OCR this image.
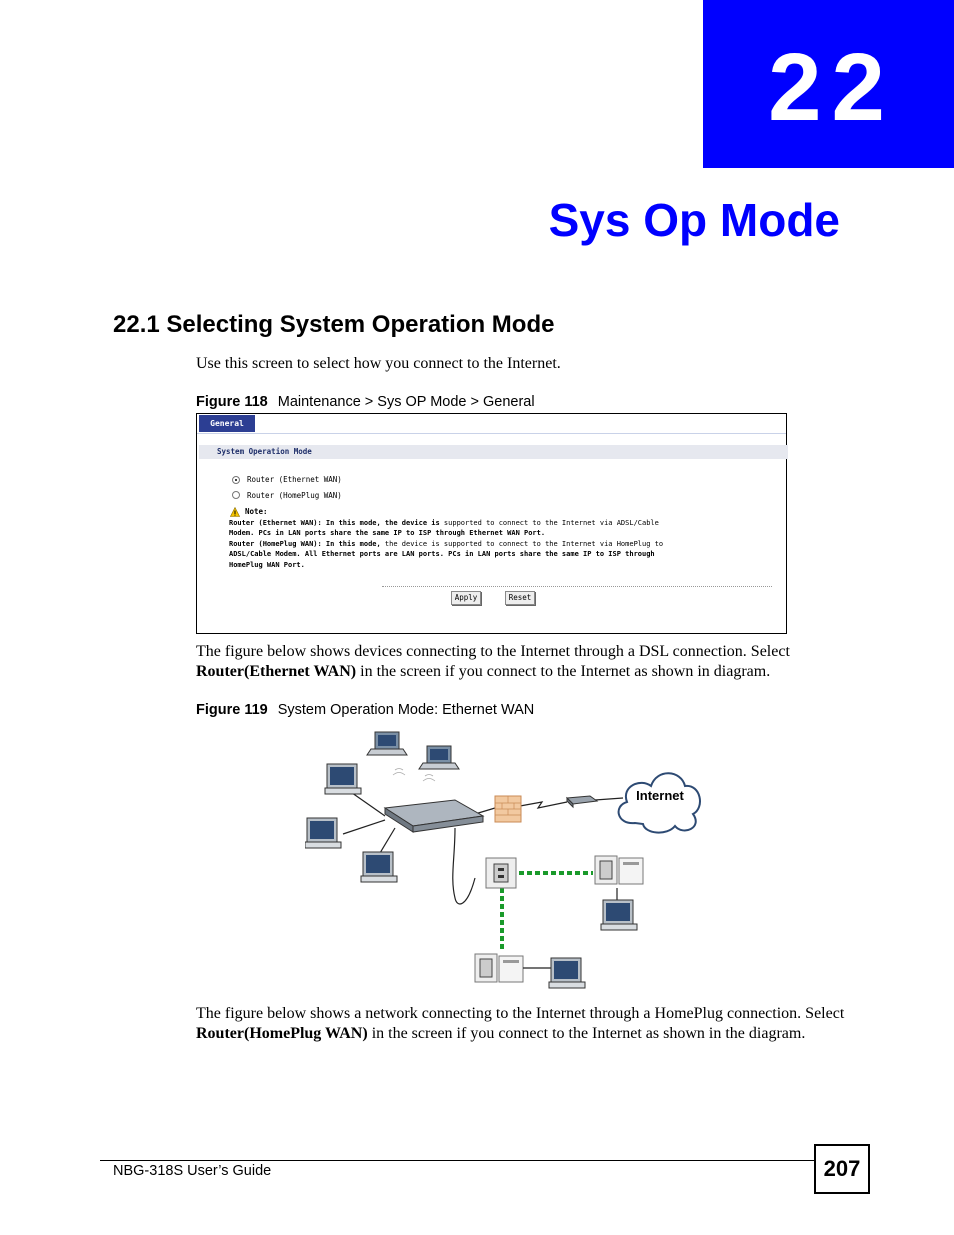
22
Sys Op Mode
22.1 Selecting System Operation Mode
Use this screen to select how you connect to the Internet.
Figure 118 Maintenance > Sys OP Mode > General
General
System Operation Mode
Router (Ethernet WAN)
Router (HomePlug WAN)
Note:
Router (Ethernet WAN): In this mode, the device is supported to connect to the Internet via ADSL/Cable
Modem. PCs in LAN ports share the same IP to ISP through Ethernet WAN Port.
Router (HomePlug WAN): In this mode, the device is supported to connect to the Internet via HomePlug to
ADSL/Cable Modem. All Ethernet ports are LAN ports. PCs in LAN ports share the same IP to ISP through
HomePlug WAN Port.
Apply	Reset
The figure below shows devices connecting to the Internet through a DSL connection. Select Router(Ethernet WAN) in the screen if you connect to the Internet as shown in diagram.
Figure 119 System Operation Mode: Ethernet WAN
Internet
The figure below shows a network connecting to the Internet through a HomePlug connection. Select Router(HomePlug WAN) in the screen if you connect to the Internet as shown in the diagram.
NBG-318S User’s Guide	207
